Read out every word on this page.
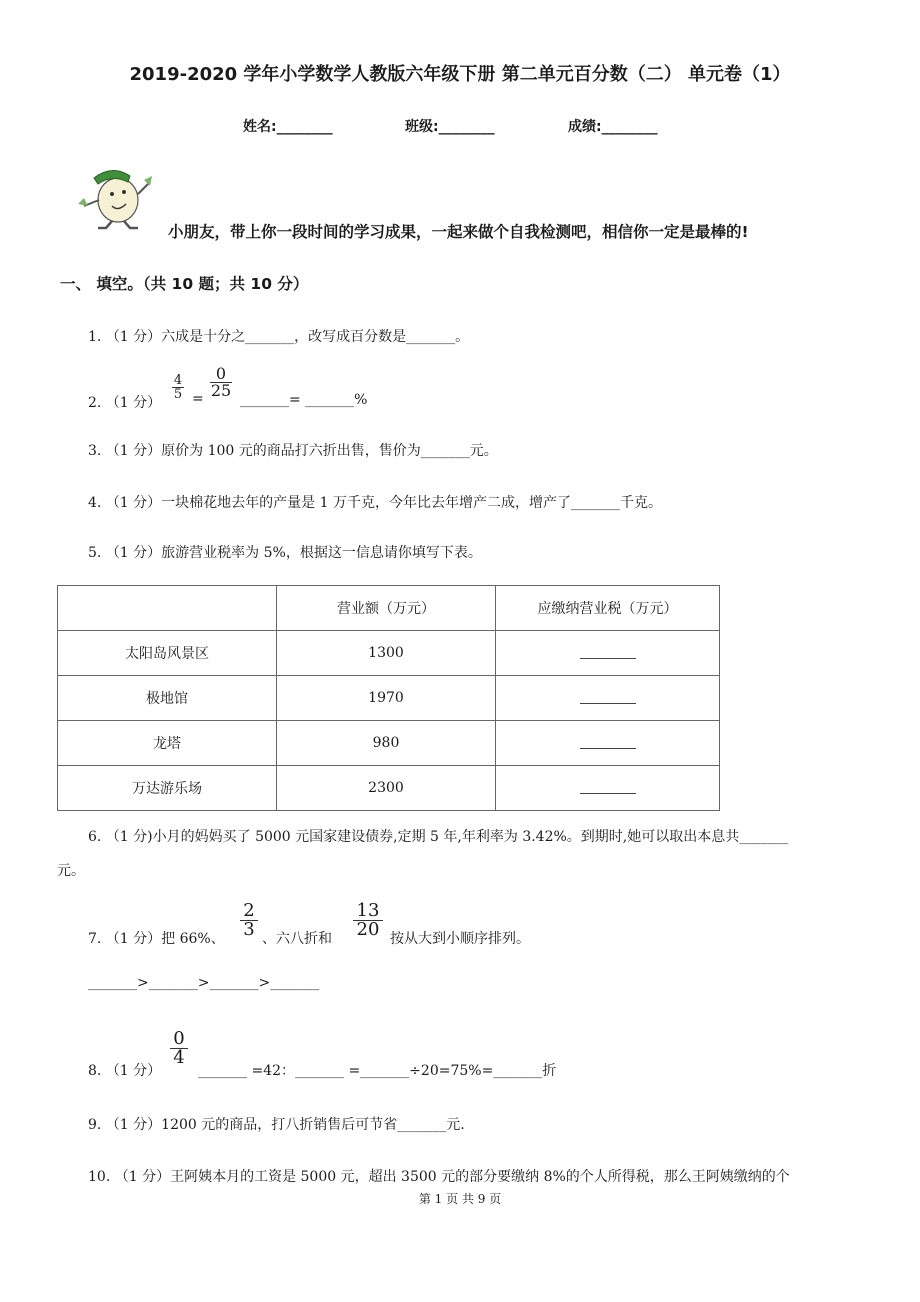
2019-2020 学年小学数学人教版六年级下册 第二单元百分数（二） 单元卷（1）
姓名:________	班级:________	成绩:________
小朋友，带上你一段时间的学习成果，一起来做个自我检测吧，相信你一定是最棒的!
一、 填空。（共 10 题；共 10 分）
1. （1 分）六成是十分之_______，改写成百分数是_______。
2. （1 分）
$\frac{4}{5} = \frac{0}{25}$
_______= _______%
3. （1 分）原价为 100 元的商品打六折出售，售价为_______元。
4. （1 分）一块棉花地去年的产量是 1 万千克，今年比去年增产二成，增产了_______千克。
5. （1 分）旅游营业税率为 5%，根据这一信息请你填写下表。
	营业额（万元）	应缴纳营业税（万元）
太阳岛风景区	1300	
极地馆	1970	
龙塔	980	
万达游乐场	2300	
6. （1 分)小月的妈妈买了 5000 元国家建设债券,定期 5 年,年利率为 3.42%。到期时,她可以取出本息共_______
元。
7. （1 分）把 66%、 $\frac{2}{3}$ 、六八折和 $\frac{13}{20}$ 按从大到小顺序排列。
_______>_______>_______>_______
8. （1 分）
$\frac{0}{4}$
_______ =42：_______ =_______÷20=75%=_______折
9. （1 分）1200 元的商品，打八折销售后可节省_______元.
10. （1 分）王阿姨本月的工资是 5000 元，超出 3500 元的部分要缴纳 8%的个人所得税，那么王阿姨缴纳的个
第 1 页 共 9 页
